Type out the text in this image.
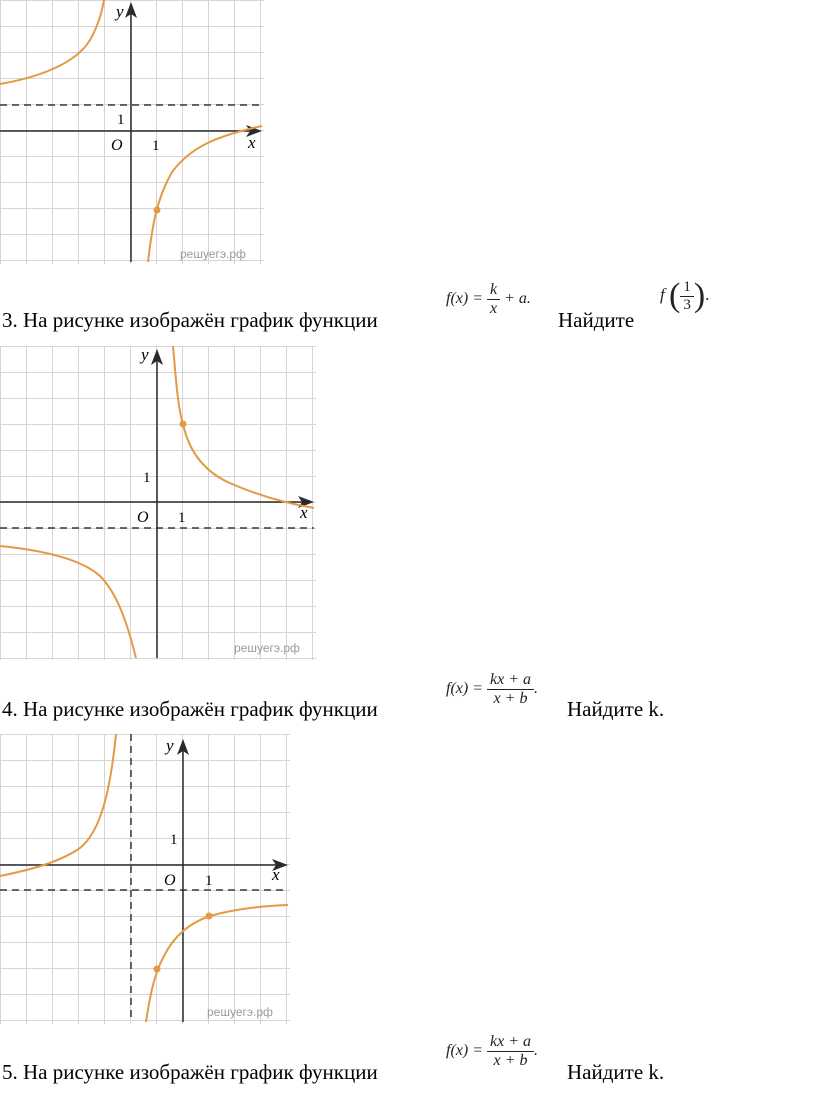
y
x
O 1
1
решуегэ.рф
3. На рисунке изображён график функции
$f(x) = \frac{k}{x} + a$.
Найдите
f ( $\frac{1}{3}$ ).
y
x
O 1
1
решуегэ.рф
4. На рисунке изображён график функции
$f(x) = \frac{kx + a}{x + b}$ .
Найдите k.
y
x
O 1
1
решуегэ.рф
5. На рисунке изображён график функции
$f(x) = \frac{kx + a}{x + b}$ .
Найдите k.
